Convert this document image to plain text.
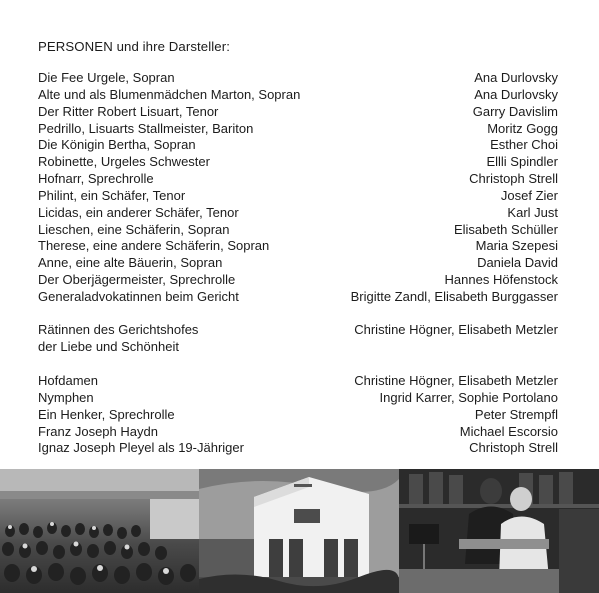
PERSONEN und ihre Darsteller:
Die Fee Urgele, Sopran	Ana Durlovsky
Alte und als Blumenmädchen Marton, Sopran	Ana Durlovsky
Der Ritter Robert Lisuart, Tenor	Garry Davislim
Pedrillo, Lisuarts Stallmeister, Bariton	Moritz Gogg
Die Königin Bertha, Sopran	Esther Choi
Robinette, Urgeles Schwester	Ellli Spindler
Hofnarr, Sprechrolle	Christoph Strell
Philint, ein Schäfer, Tenor	Josef Zier
Licidas, ein anderer Schäfer, Tenor	Karl Just
Lieschen, eine Schäferin, Sopran	Elisabeth Schüller
Therese, eine andere Schäferin, Sopran	Maria Szepesi
Anne, eine alte Bäuerin, Sopran	Daniela David
Der Oberjägermeister, Sprechrolle	Hannes Höfenstock
Generaladvokatinnen beim Gericht	Brigitte Zandl, Elisabeth Burggasser
Rätinnen des Gerichtshofes	Christine Högner, Elisabeth Metzler
der Liebe und Schönheit
Hofdamen	Christine Högner, Elisabeth Metzler
Nymphen	Ingrid Karrer, Sophie Portolano
Ein Henker, Sprechrolle	Peter Strempfl
Franz Joseph Haydn	Michael Escorsio
Ignaz Joseph Pleyel als 19-Jähriger	Christoph Strell
